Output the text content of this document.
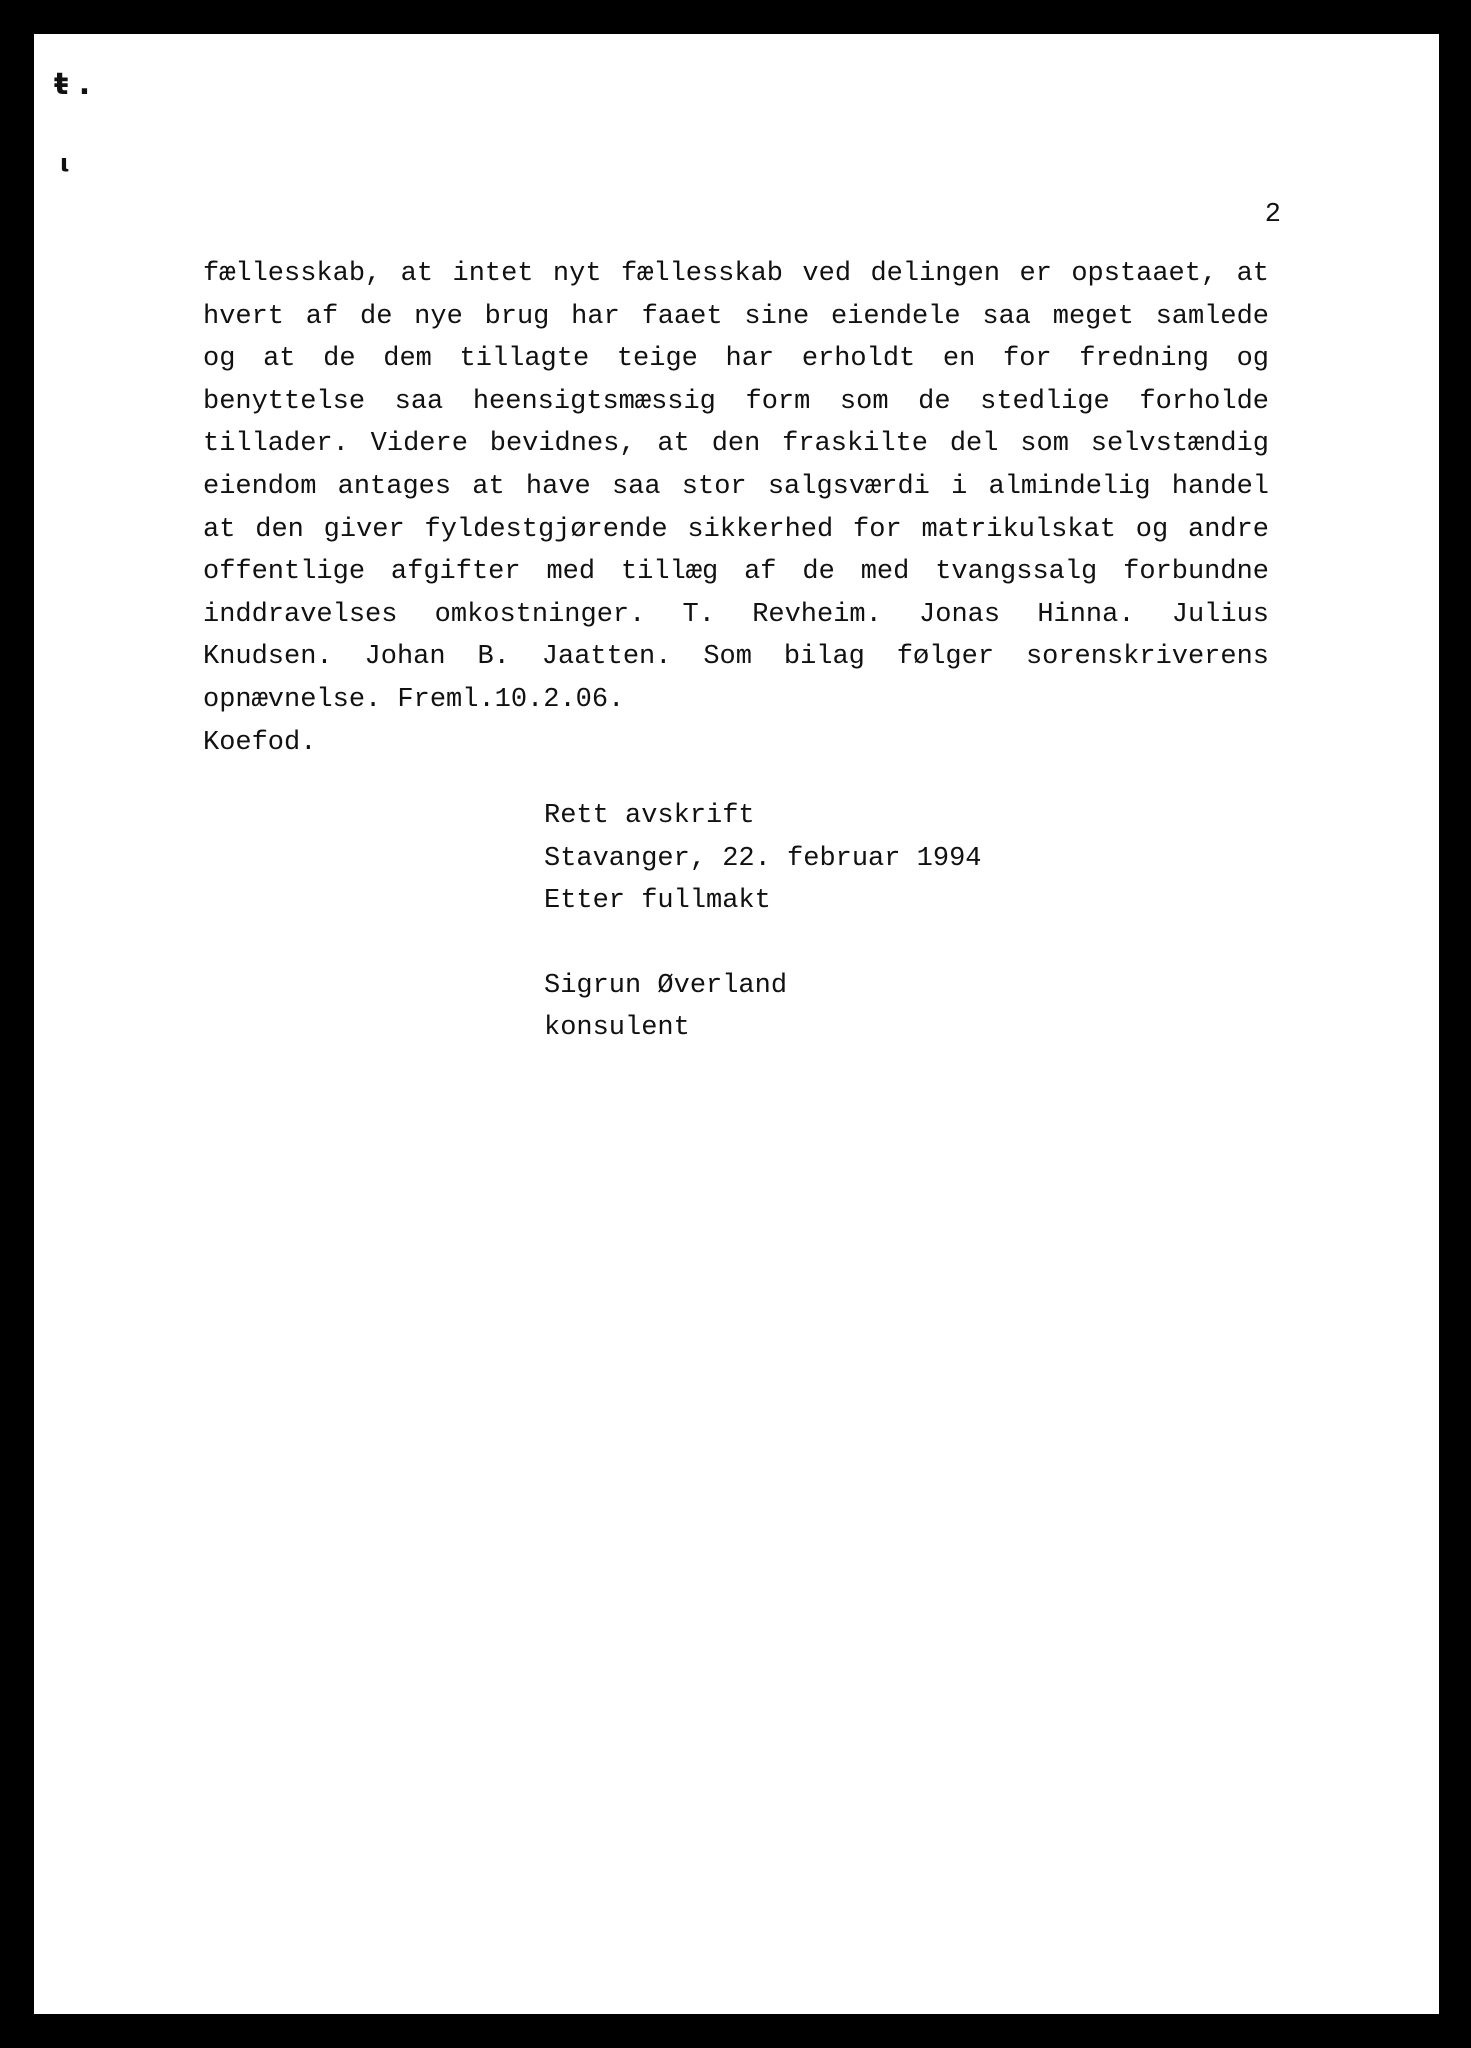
ŧ .
ι
2
fællesskab, at intet nyt fællesskab ved delingen er opstaaet, at
hvert af de nye brug har faaet sine eiendele saa meget samlede
og at de dem tillagte teige har erholdt en for fredning og
benyttelse saa heensigtsmæssig form som de stedlige forholde
tillader. Videre bevidnes, at den fraskilte del som selvstændig
eiendom antages at have saa stor salgsværdi i almindelig handel
at den giver fyldestgjørende sikkerhed for matrikulskat og andre
offentlige afgifter med tillæg af de med tvangssalg forbundne
inddravelses omkostninger. T. Revheim. Jonas Hinna. Julius
Knudsen. Johan B. Jaatten. Som bilag følger sorenskriverens
opnævnelse. Freml.10.2.06.
Koefod.
Rett avskrift
Stavanger, 22. februar 1994
Etter fullmakt
Sigrun Øverland
konsulent
